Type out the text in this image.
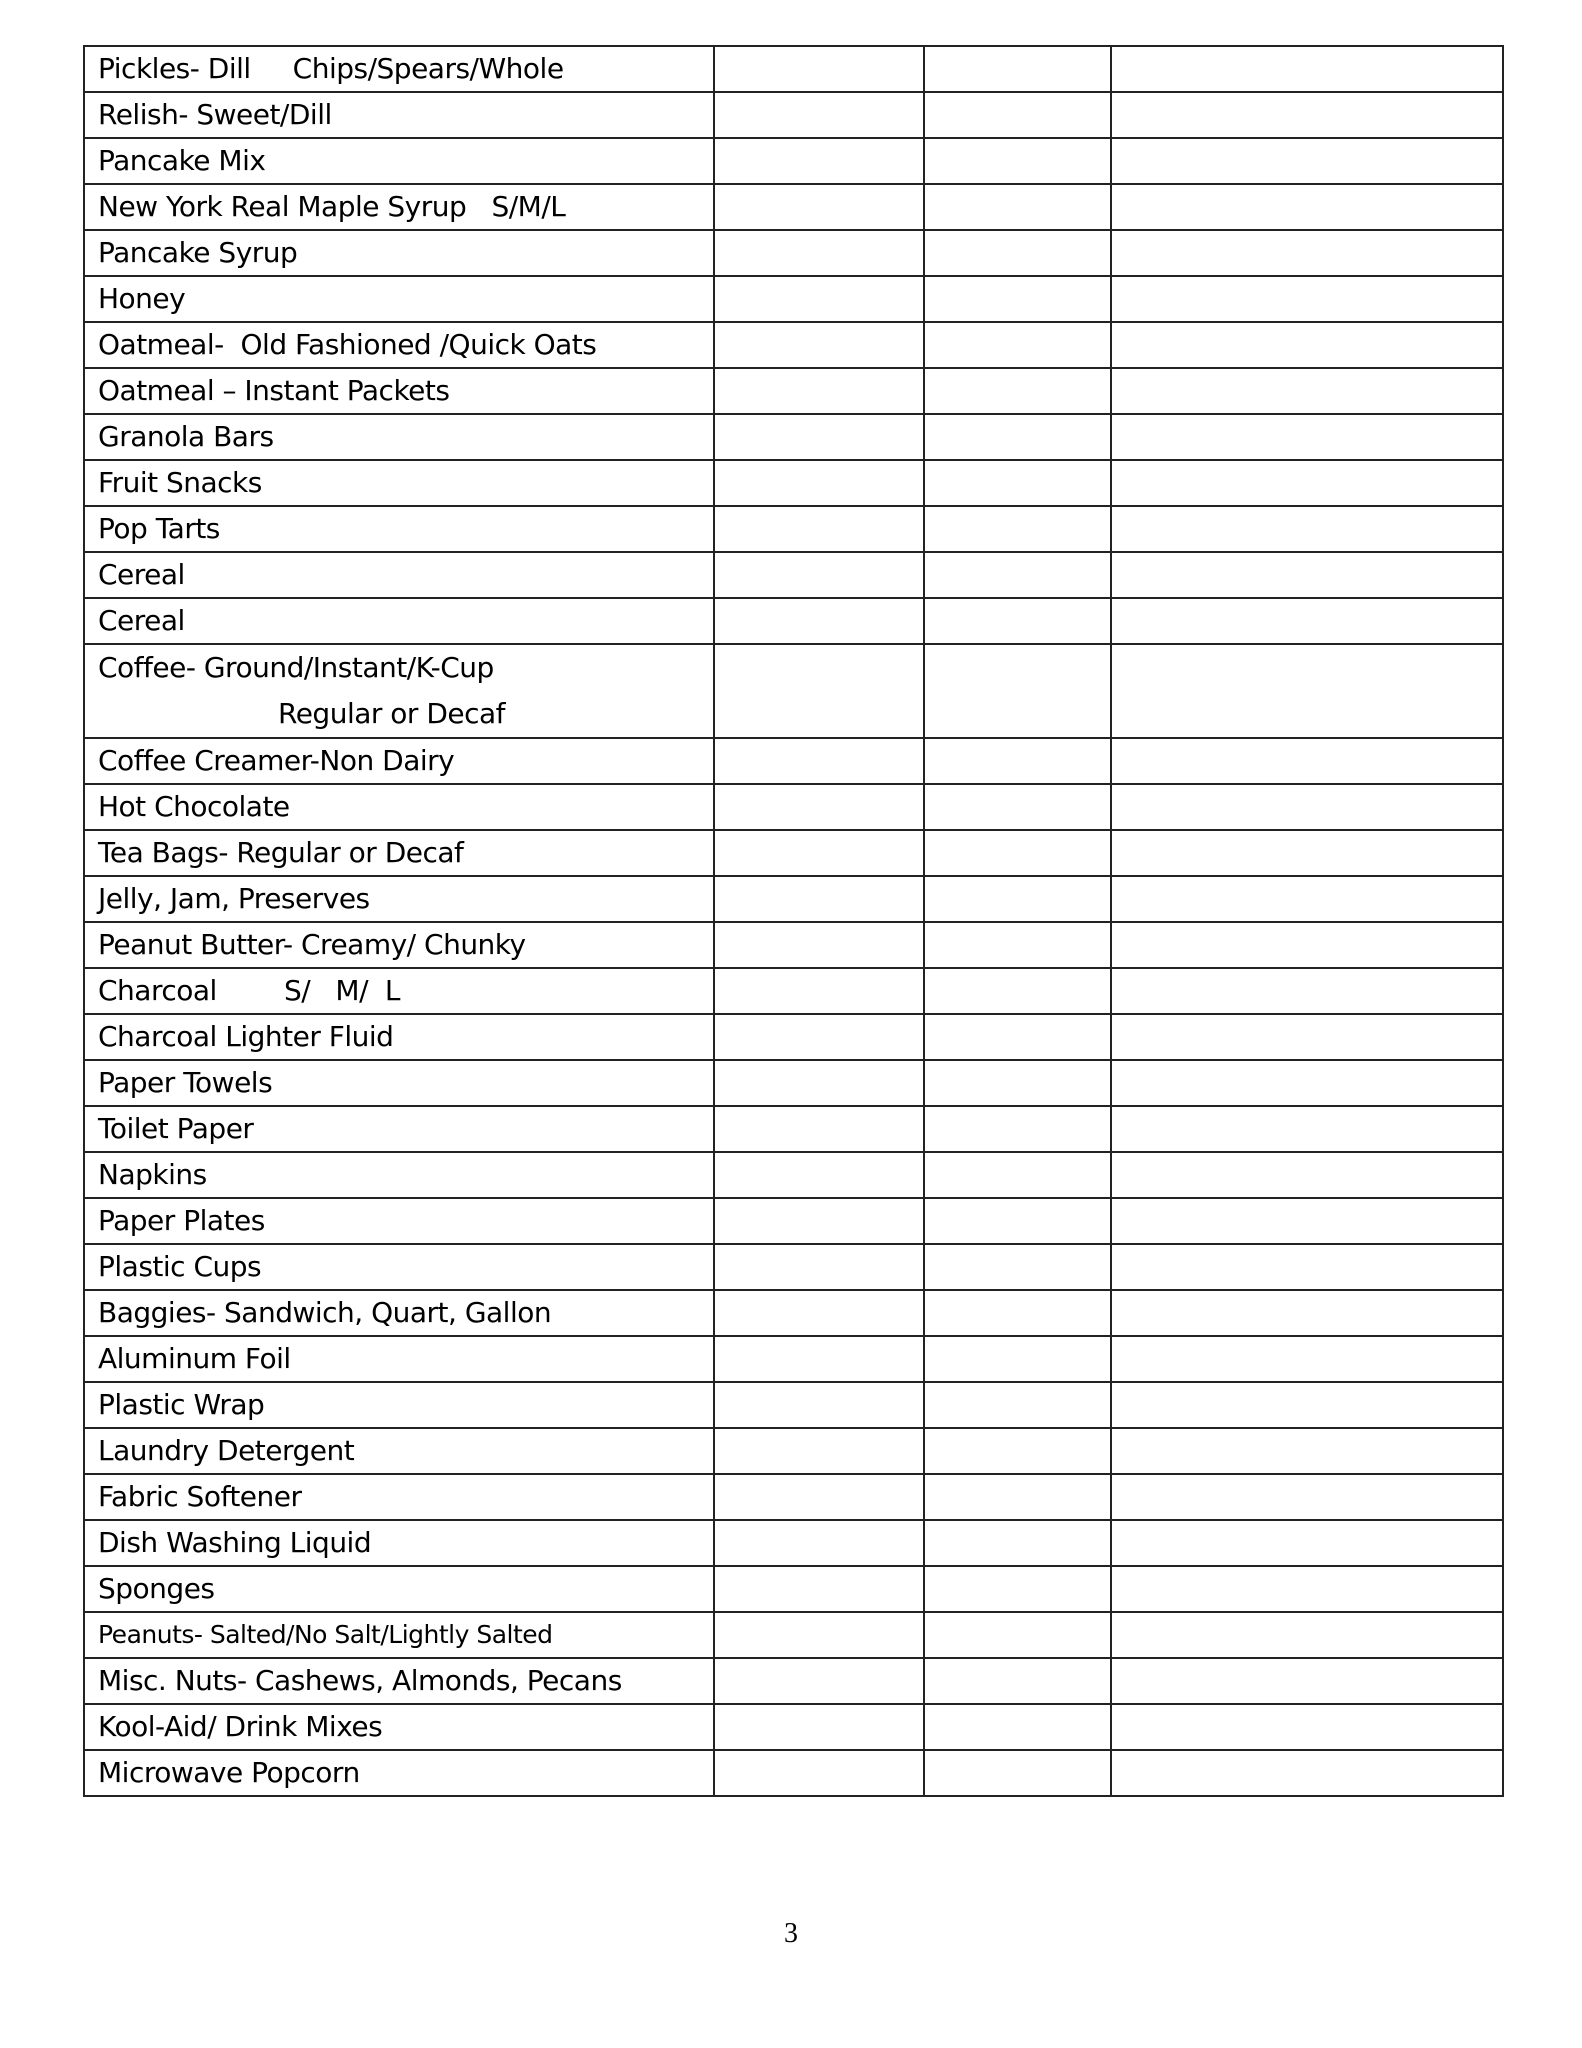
Pickles- Dill     Chips/Spears/Whole			
Relish- Sweet/Dill			
Pancake Mix			
New York Real Maple Syrup   S/M/L			
Pancake Syrup			
Honey			
Oatmeal-  Old Fashioned /Quick Oats			
Oatmeal – Instant Packets			
Granola Bars			
Fruit Snacks			
Pop Tarts			
Cereal			
Cereal			

Coffee- Ground/Instant/K-Cup
Regular or Decaf			

Coffee Creamer-Non Dairy			
Hot Chocolate			
Tea Bags- Regular or Decaf			
Jelly, Jam, Preserves			
Peanut Butter- Creamy/ Chunky			
Charcoal        S/   M/  L			
Charcoal Lighter Fluid			
Paper Towels			
Toilet Paper			
Napkins			
Paper Plates			
Plastic Cups			
Baggies- Sandwich, Quart, Gallon			
Aluminum Foil			
Plastic Wrap			
Laundry Detergent			
Fabric Softener			
Dish Washing Liquid			
Sponges			
Peanuts- Salted/No Salt/Lightly Salted			
Misc. Nuts- Cashews, Almonds, Pecans			
Kool-Aid/ Drink Mixes			
Microwave Popcorn			
3
